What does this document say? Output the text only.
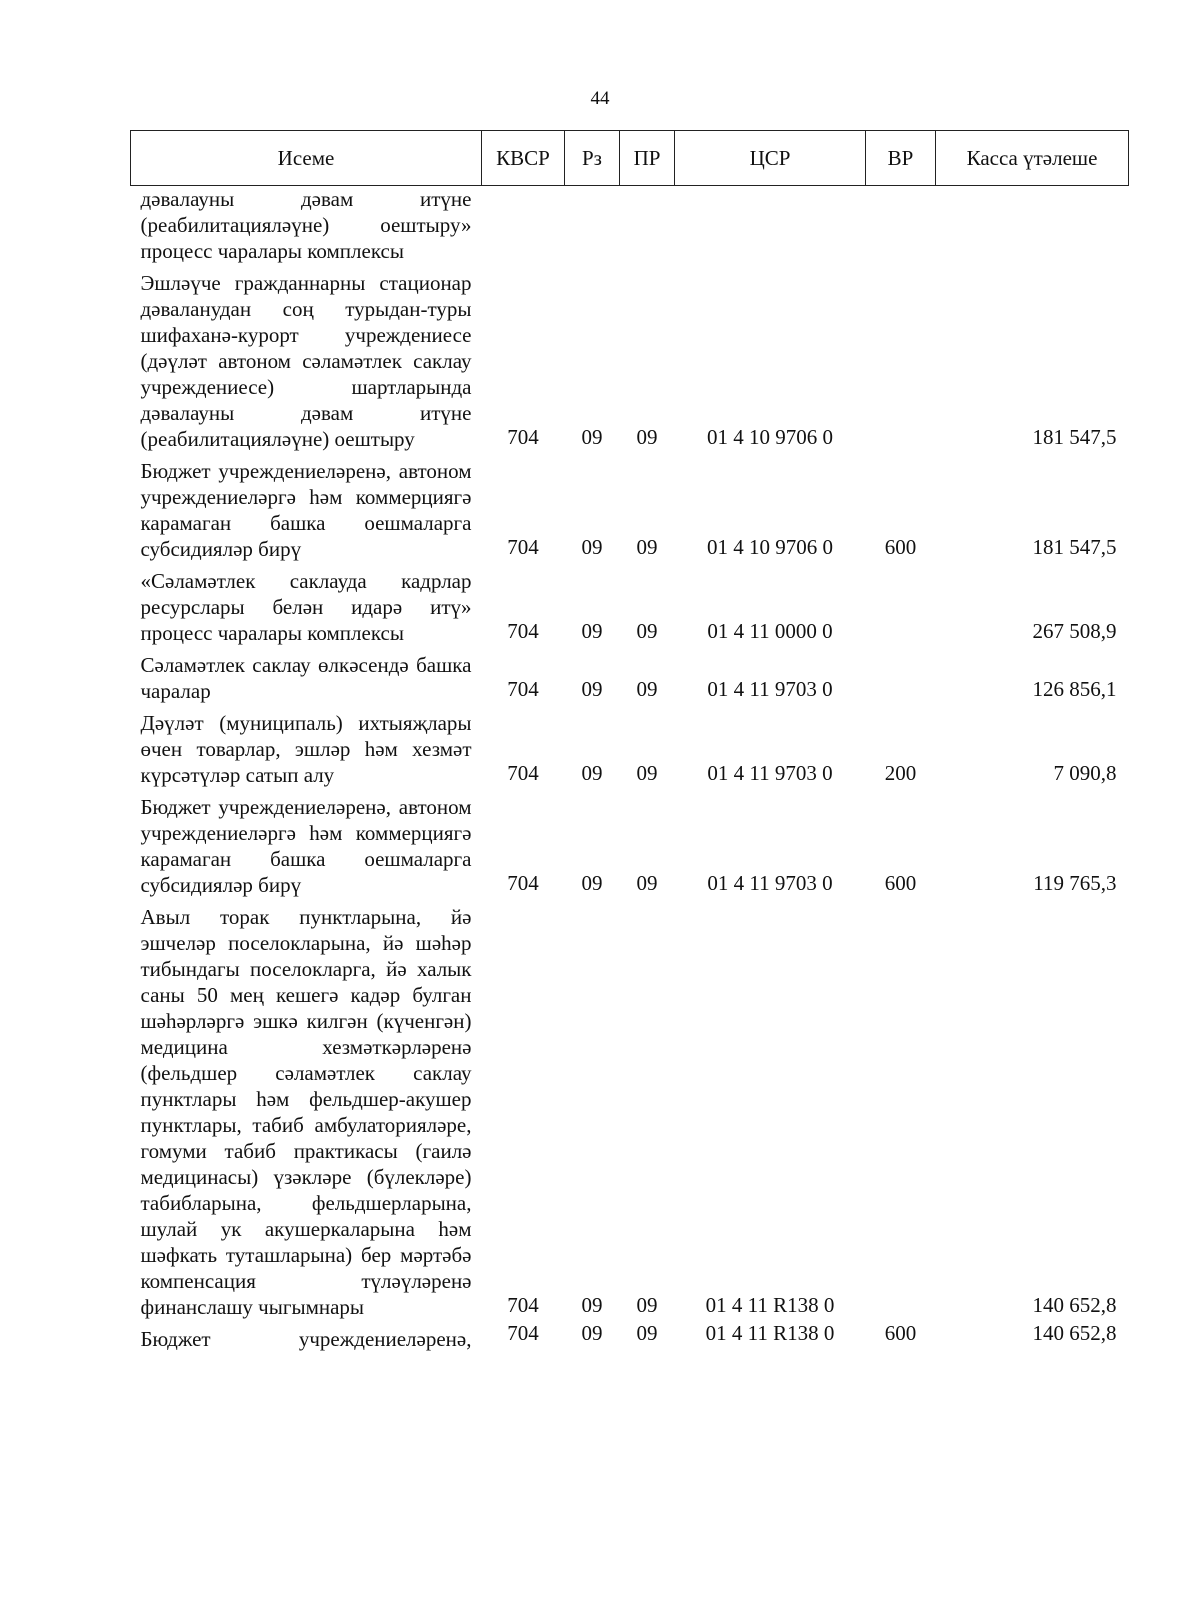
44
Исеме	КВСР	Рз	ПР	ЦСР	ВР	Касса үтәлеше
дәвалауны дәвам итүне (реабилитацияләүне) оештыру» процесс чаралары комплексы						
Эшләүче гражданнарны стационар дәваланудан соң турыдан-туры шифаханә-курорт учреждениесе (дәүләт автоном сәламәтлек саклау учреждениесе) шартларында дәвалауны дәвам итүне (реабилитацияләүне) оештыру	704	09	09	01 4 10 9706 0		181 547,5
Бюджет учреждениеләренә, автоном учреждениеләргә һәм коммерциягә карамаган башка оешмаларга субсидияләр бирү	704	09	09	01 4 10 9706 0	600	181 547,5
«Сәламәтлек саклауда кадрлар ресурслары белән идарә итү» процесс чаралары комплексы	704	09	09	01 4 11 0000 0		267 508,9
Сәламәтлек саклау өлкәсендә башка чаралар	704	09	09	01 4 11 9703 0		126 856,1
Дәүләт (муниципаль) ихтыяҗлары өчен товарлар, эшләр һәм хезмәт күрсәтүләр сатып алу	704	09	09	01 4 11 9703 0	200	7 090,8
Бюджет учреждениеләренә, автоном учреждениеләргә һәм коммерциягә карамаган башка оешмаларга субсидияләр бирү	704	09	09	01 4 11 9703 0	600	119 765,3
Авыл торак пунктларына, йә эшчеләр поселокларына, йә шәһәр тибындагы поселокларга, йә халык саны 50 мең кешегә кадәр булган шәһәрләргә эшкә килгән (күченгән) медицина хезмәткәрләренә (фельдшер сәламәтлек саклау пунктлары һәм фельдшер-акушер пунктлары, табиб амбулаторияләре, гомуми табиб практикасы (гаилә медицинасы) үзәкләре (бүлекләре) табибларына, фельдшерларына, шулай ук акушеркаларына һәм шәфкать туташларына) бер мәртәбә компенсация түләүләренә финанслашу чыгымнары	704	09	09	01 4 11 R138 0		140 652,8
Бюджет учреждениеләренә,	704	09	09	01 4 11 R138 0	600	140 652,8
